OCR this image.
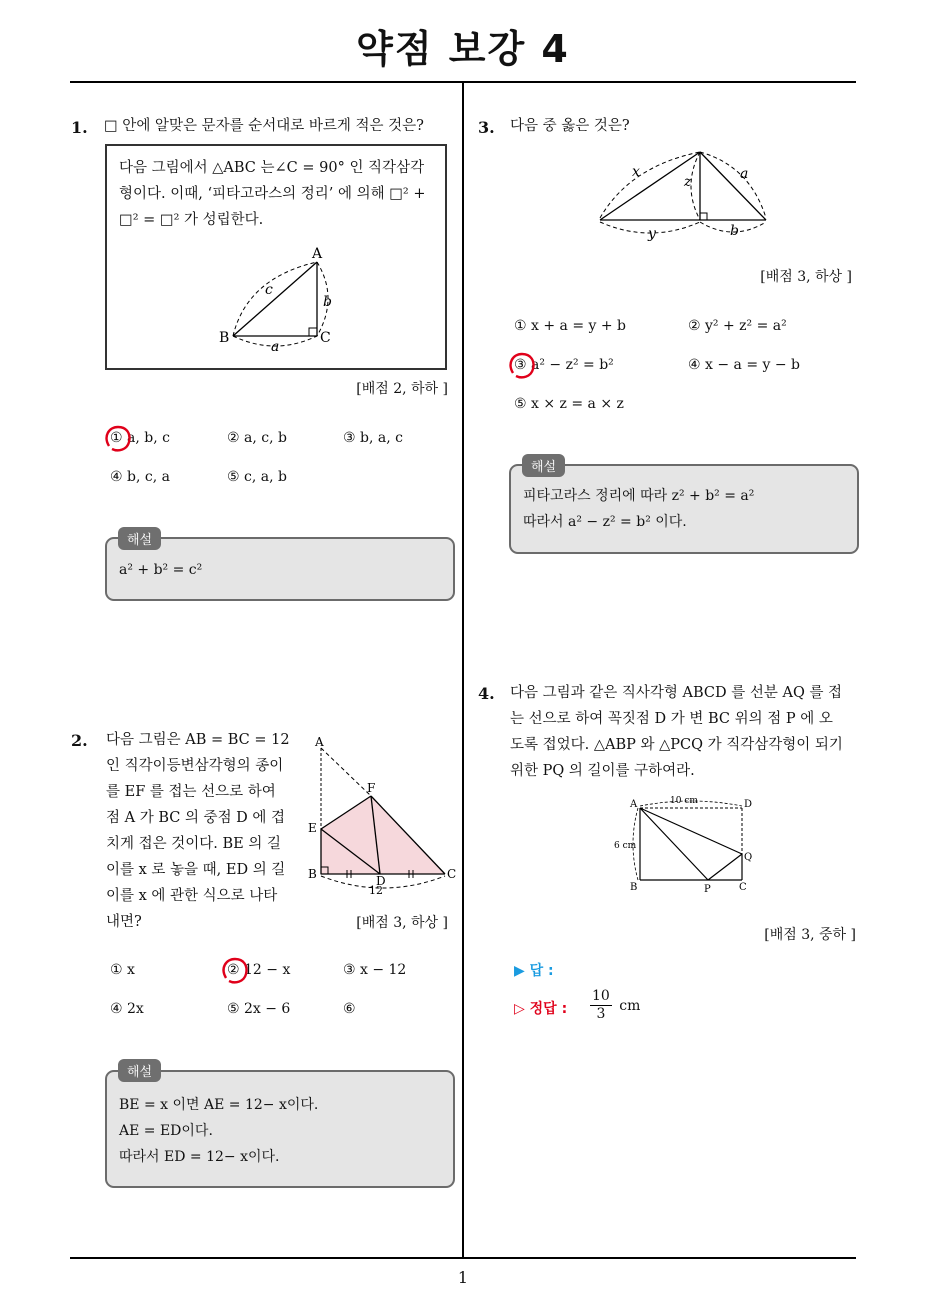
약점 보강 4
1
1. □ 안에 알맞은 문자를 순서대로 바르게 적은 것은?
다음 그림에서 △ABC 는∠C = 90° 인 직각삼각
형이다. 이때, ‘피타고라스의 정리’ 에 의해 □² +
□² = □² 가 성립한다.
A
B	C
c
b
a
[배점 2, 하하 ]
① a, b, c	② a, c, b	③ b, a, c
④ b, c, a	⑤ c, a, b
a² + b² = c²
해설
2. 다음 그림은 AB = BC = 12
인 직각이등변삼각형의 종이
를 EF 를 접는 선으로 하여
점 A 가 BC 의 중점 D 에 겹
치게 접은 것이다. BE 의 길
이를 x 로 놓을 때, ED 의 길
이를 x 에 관한 식으로 나타
내면?
A
F
E
B	D	C
12
[배점 3, 하상 ]
① x	② 12 − x	③ x − 12
④ 2x	⑤ 2x − 6	⑥
BE = x 이면 AE = 12− x이다.
AE = ED이다.
따라서 ED = 12− x이다.
해설
3. 다음 중 옳은 것은?
x
z	a
y	b
[배점 3, 하상 ]
① x + a = y + b	② y² + z² = a²
③ a² − z² = b²	④ x − a = y − b
⑤ x × z = a × z
피타고라스 정리에 따라 z² + b² = a²
따라서 a² − z² = b² 이다.
해설
4. 다음 그림과 같은 직사각형 ABCD 를 선분 AQ 를 접
는 선으로 하여 꼭짓점 D 가 변 BC 위의 점 P 에 오
도록 접었다. △ABP 와 △PCQ 가 직각삼각형이 되기
위한 PQ 의 길이를 구하여라.
A	D
B	C
P
Q
10 cm
6 cm
[배점 3, 중하 ]
▶ 답 :
▷ 정답 : $\frac{10}{3}$ cm
